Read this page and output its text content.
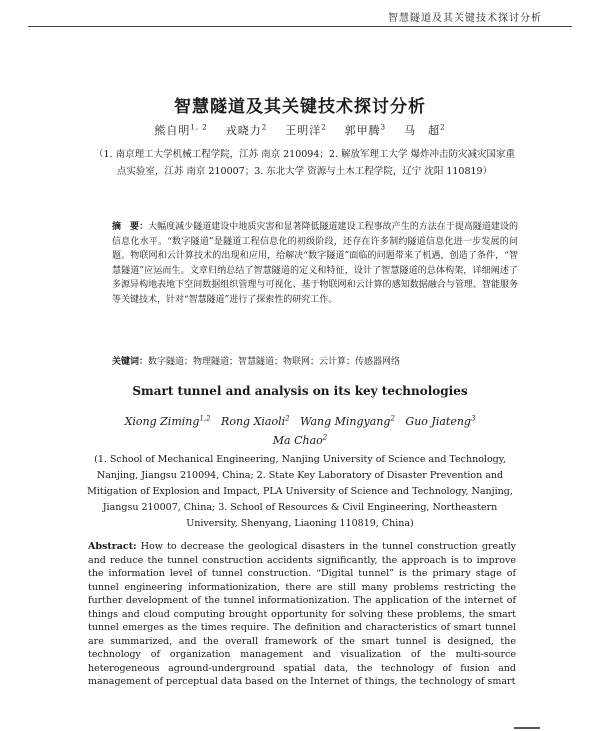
智慧隧道及其关键技术探讨分析
智慧隧道及其关键技术探讨分析
熊自明$^{1, 2}$ 戎晓力$^2$ 王明洋$^2$ 郭甲腾$^3$ 马　超$^2$
（1. 南京理工大学机械工程学院，江苏 南京 210094；2. 解放军理工大学 爆炸冲击防灾减灾国家重点实验室，江苏 南京 210007；3. 东北大学 资源与土木工程学院，辽宁 沈阳 110819）
摘　要：大幅度减少隧道建设中地质灾害和显著降低隧道建设工程事故产生的方法在于提高隧道建设的信息化水平。“数字隧道”是隧道工程信息化的初级阶段，还存在许多制约隧道信息化进一步发展的问题。物联网和云计算技术的出现和应用，给解决“数字隧道”面临的问题带来了机遇，创造了条件，“智慧隧道”应运而生。文章归纳总结了智慧隧道的定义和特征，设计了智慧隧道的总体构架，详细阐述了多源异构地表地下空间数据组织管理与可视化、基于物联网和云计算的感知数据融合与管理、智能服务等关键技术，针对“智慧隧道”进行了探索性的研究工作。
关键词：数字隧道；物理隧道；智慧隧道；物联网；云计算；传感器网络
Smart tunnel and analysis on its key technologies
Xiong Ziming$^{1,2}$ Rong Xiaoli$^2$ Wang Mingyang$^2$ Guo Jiateng$^3$
Ma Chao$^2$
(1. School of Mechanical Engineering, Nanjing University of Science and Technology, Nanjing, Jiangsu 210094, China; 2. State Key Laboratory of Disaster Prevention and Mitigation of Explosion and Impact, PLA University of Science and Technology, Nanjing, Jiangsu 210007, China; 3. School of Resources & Civil Engineering, Northeastern University, Shenyang, Liaoning 110819, China)
Abstract: How to decrease the geological disasters in the tunnel construction greatly and reduce the tunnel construction accidents significantly, the approach is to improve the information level of tunnel construction. “Digital tunnel” is the primary stage of tunnel engineering informationization, there are still many problems restricting the further development of the tunnel informationization. The application of the internet of things and cloud computing brought opportunity for solving these problems, the smart tunnel emerges as the times require. The definition and characteristics of smart tunnel are summarized, and the overall framework of the smart tunnel is designed, the technology of organization management and visualization of the multi-source heterogeneous aground-underground spatial data, the technology of fusion and management of perceptual data based on the Internet of things, the technology of smart
